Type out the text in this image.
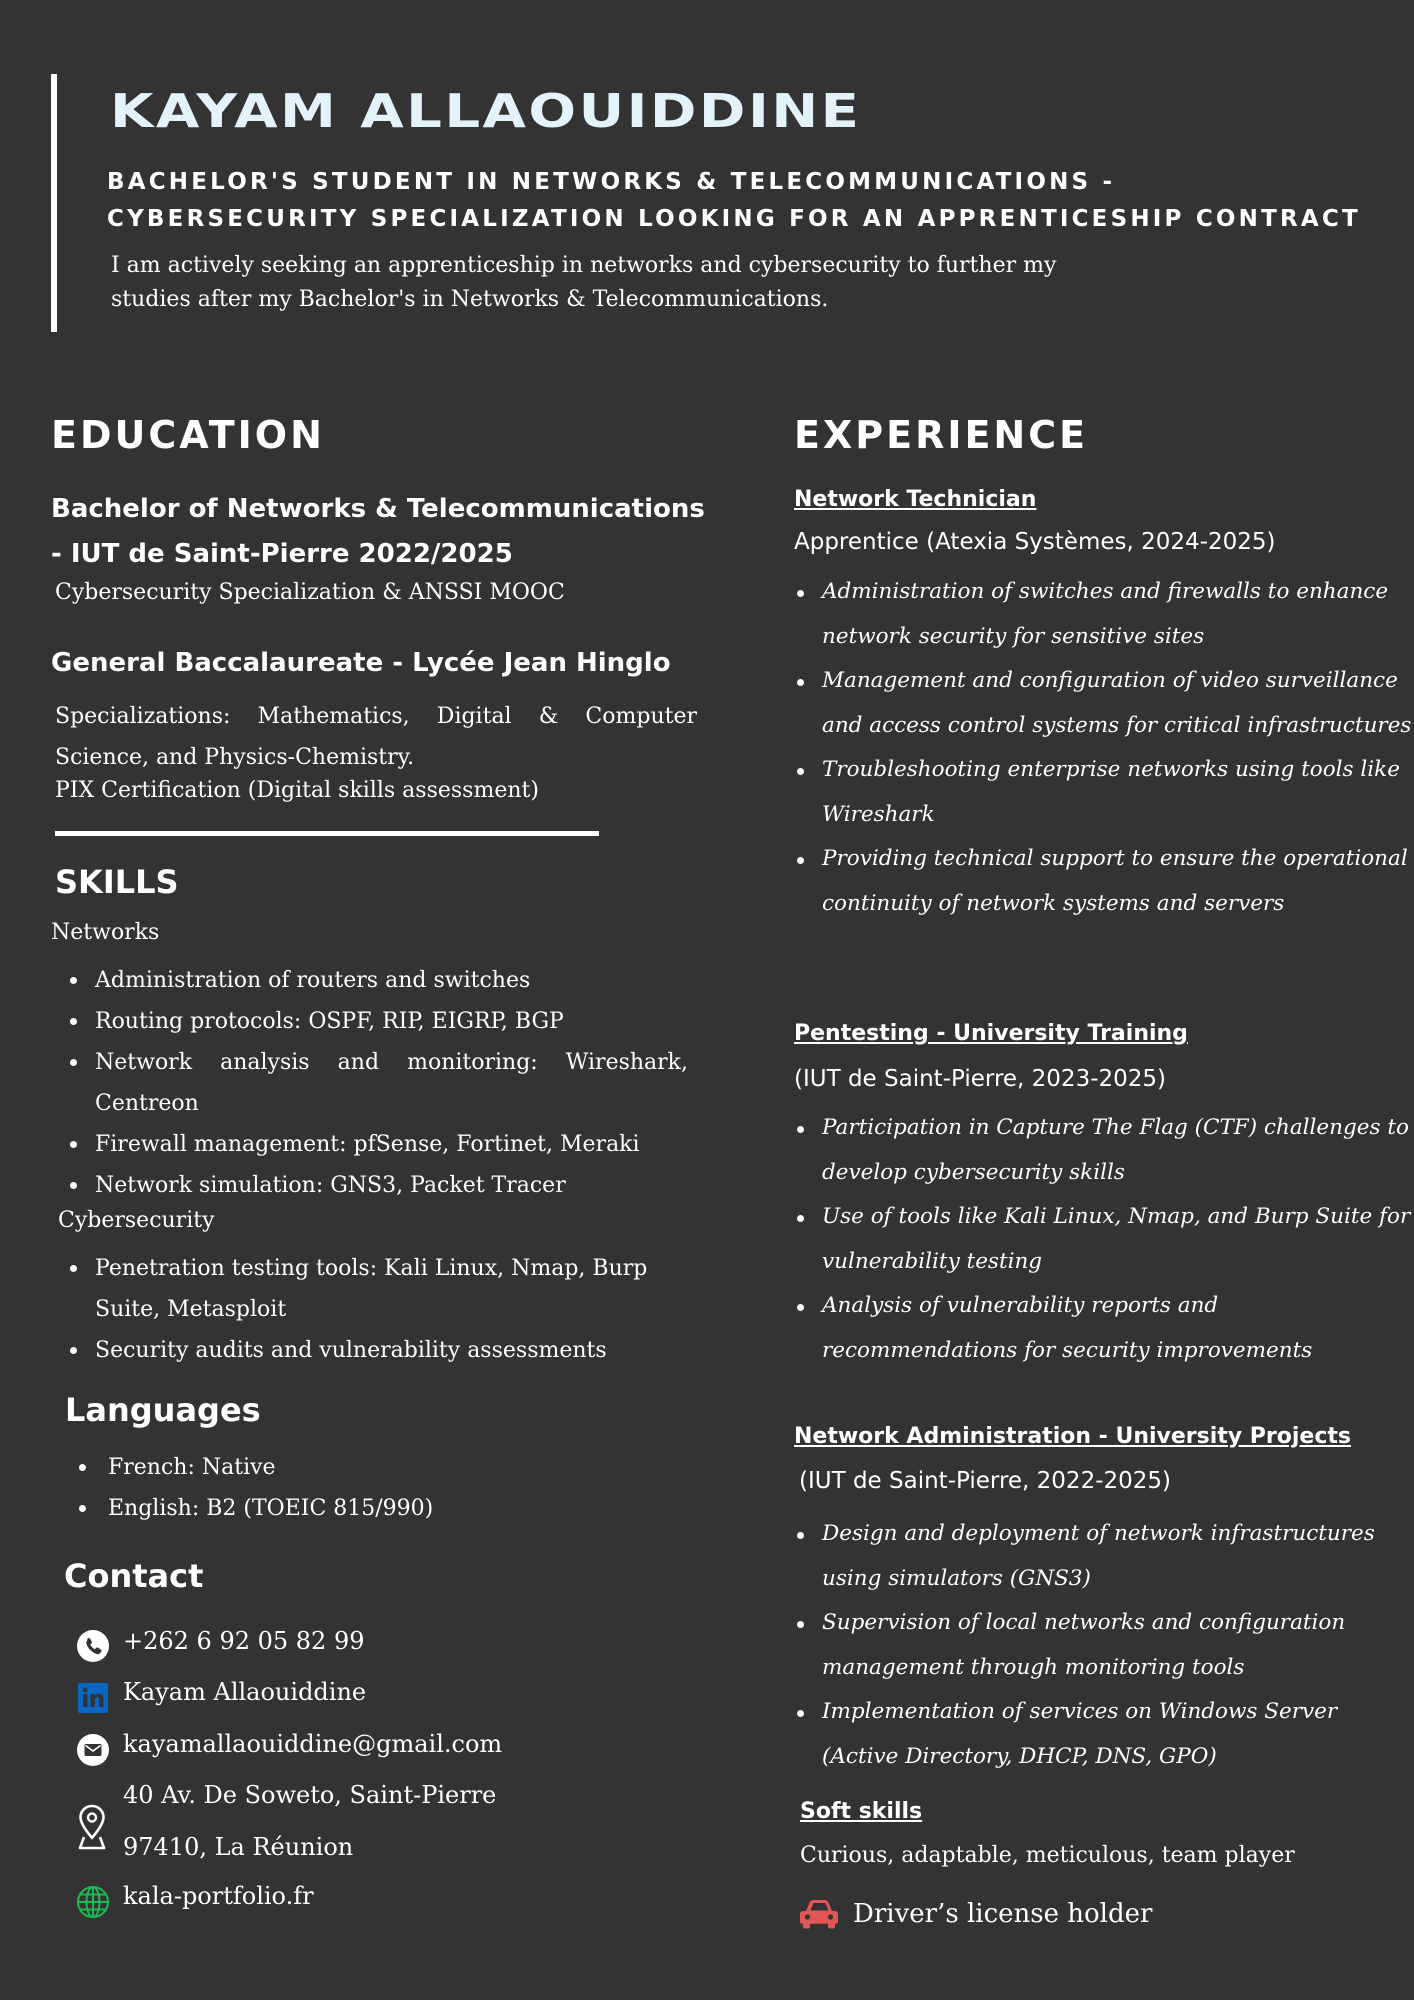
KAYAM ALLAOUIDDINE
BACHELOR'S STUDENT IN NETWORKS & TELECOMMUNICATIONS -
CYBERSECURITY SPECIALIZATION LOOKING FOR AN APPRENTICESHIP CONTRACT
I am actively seeking an apprenticeship in networks and cybersecurity to further my
studies after my Bachelor's in Networks & Telecommunications.
EDUCATION
Bachelor of Networks & Telecommunications - IUT de Saint-Pierre 2022/2025
Cybersecurity Specialization & ANSSI MOOC
General Baccalaureate - Lycée Jean Hinglo
Specializations: Mathematics, Digital & Computer Science, and Physics-Chemistry.
PIX Certification (Digital skills assessment)
SKILLS
Networks
Administration of routers and switches
Routing protocols: OSPF, RIP, EIGRP, BGP
Network analysis and monitoring: Wireshark, Centreon
Firewall management: pfSense, Fortinet, Meraki
Network simulation: GNS3, Packet Tracer
Cybersecurity
Penetration testing tools: Kali Linux, Nmap, Burp Suite, Metasploit
Security audits and vulnerability assessments
Languages
French: Native
English: B2 (TOEIC 815/990)
Contact
+262 6 92 05 82 99
Kayam Allaouiddine
kayamallaouiddine@gmail.com
40 Av. De Soweto, Saint-Pierre
97410, La Réunion
kala-portfolio.fr
EXPERIENCE
Network Technician
Apprentice (Atexia Systèmes, 2024-2025)
Administration of switches and firewalls to enhance network security for sensitive sites
Management and configuration of video surveillance and access control systems for critical infrastructures
Troubleshooting enterprise networks using tools like Wireshark
Providing technical support to ensure the operational continuity of network systems and servers
Pentesting - University Training
(IUT de Saint-Pierre, 2023-2025)
Participation in Capture The Flag (CTF) challenges to develop cybersecurity skills
Use of tools like Kali Linux, Nmap, and Burp Suite for vulnerability testing
Analysis of vulnerability reports and recommendations for security improvements
Network Administration - University Projects
(IUT de Saint-Pierre, 2022-2025)
Design and deployment of network infrastructures using simulators (GNS3)
Supervision of local networks and configuration management through monitoring tools
Implementation of services on Windows Server (Active Directory, DHCP, DNS, GPO)
Soft skills
Curious, adaptable, meticulous, team player
Driver’s license holder
